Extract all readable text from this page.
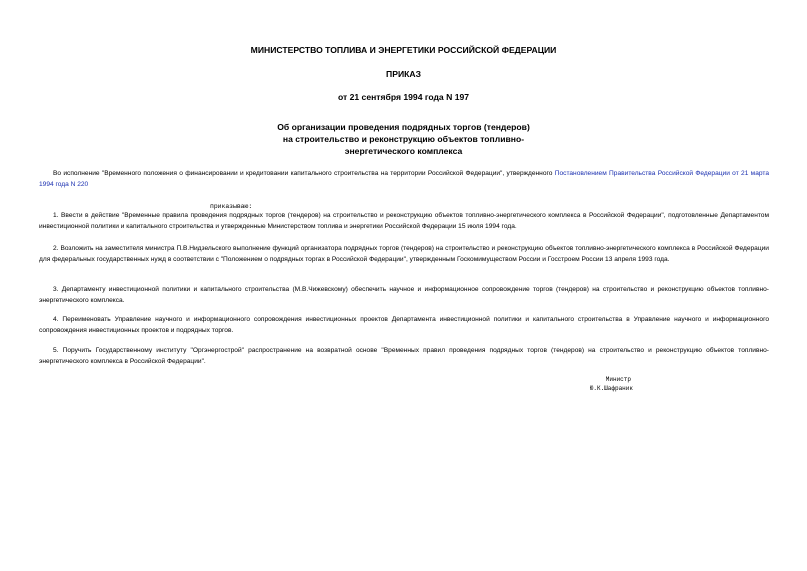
МИНИСТЕРСТВО ТОПЛИВА И ЭНЕРГЕТИКИ РОССИЙСКОЙ ФЕДЕРАЦИИ
ПРИКАЗ
от 21 сентября 1994 года N 197
Об организации проведения подрядных торгов (тендеров)
на строительство и реконструкцию объектов топливно-
энергетического комплекса

Во исполнение "Временного положения о финансировании и кредитовании капитального строительства на территории Российской Федерации", утвержденного Постановлением Правительства Российской Федерации от 21 марта 1994 года N 220

приказываю:

1. Ввести в действие "Временные правила проведения подрядных торгов (тендеров) на строительство и реконструкцию объектов топливно-энергетического комплекса в Российской Федерации", подготовленные Департаментом инвестиционной политики и капитального строительства и утвержденные Министерством топлива и энергетики Российской Федерации 15 июля 1994 года.

2. Возложить на заместителя министра П.В.Нидзельского выполнение функций организатора подрядных торгов (тендеров) на строительство и реконструкцию объектов топливно-энергетического комплекса в Российской Федерации для федеральных государственных нужд в соответствии с "Положением о подрядных торгах в Российской Федерации", утвержденным Госкомимуществом России и Госстроем России 13 апреля 1993 года.

3. Департаменту инвестиционной политики и капитального строительства (М.В.Чижевскому) обеспечить научное и информационное сопровождение торгов (тендеров) на строительство и реконструкцию объектов топливно-энергетического комплекса.

4. Переименовать Управление научного и информационного сопровождения инвестиционных проектов Департамента инвестиционной политики и капитального строительства в Управление научного и информационного сопровождения инвестиционных проектов и подрядных торгов.

5. Поручить Государственному институту "Оргэнергострой" распространение на возвратной основе "Временных правил проведения подрядных торгов (тендеров) на строительство и реконструкцию объектов топливно-энергетического комплекса в Российской Федерации".

Министр
Ю.К.Шафраник
